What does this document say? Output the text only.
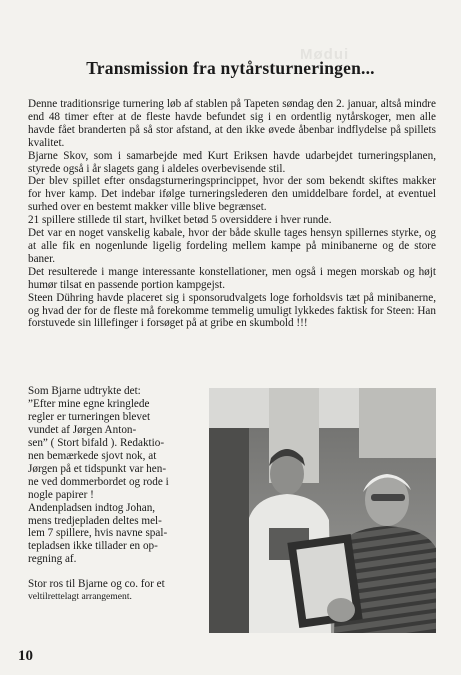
Mødui
Transmission fra nytårsturneringen...

Denne traditionsrige turnering løb af stablen på Tapeten søndag den 2. januar, altså mindre end 48 timer efter at de fleste havde befundet sig i en ordentlig nytårskoger, men alle havde fået branderten på så stor afstand, at den ikke øvede åbenbar indflydelse på spillets kvalitet.

Bjarne Skov, som i samarbejde med Kurt Eriksen havde udarbejdet turneringsplanen, styrede også i år slagets gang i aldeles overbevisende stil.

Der blev spillet efter onsdagsturneringsprincippet, hvor der som bekendt skiftes makker for hver kamp. Det indebar ifølge turneringslederen den umiddelbare fordel, at eventuel surhed over en bestemt makker ville blive begrænset.

21 spillere stillede til start, hvilket betød 5 oversiddere i hver runde.

Det var en noget vanskelig kabale, hvor der både skulle tages hensyn spillernes styrke, og at alle fik en nogenlunde ligelig fordeling mellem kampe på minibanerne og de store baner.

Det resulterede i mange interessante konstellationer, men også i megen morskab og højt humør tilsat en passende portion kampgejst.

Steen Dühring havde placeret sig i sponsorudvalgets loge forholdsvis tæt på minibanerne, og hvad der for de fleste må forekomme temmelig umuligt lykkedes faktisk for Steen: Han forstuvede sin lillefinger i forsøget på at gribe en skumbold !!!

Som Bjarne udtrykte det:

”Efter mine egne kringlede

regler er turneringen blevet

vundet af Jørgen Anton-

sen” ( Stort bifald ). Redaktio-

nen bemærkede sjovt nok, at

Jørgen på et tidspunkt var hen-

ne ved dommerbordet og rode i

nogle papirer !

Andenpladsen indtog Johan,

mens tredjepladen deltes mel-

lem 7 spillere, hvis navne spal-

tepladsen ikke tillader en op-

regning af.

Stor ros til Bjarne og co. for et

veltilrettelagt arrangement.

10
